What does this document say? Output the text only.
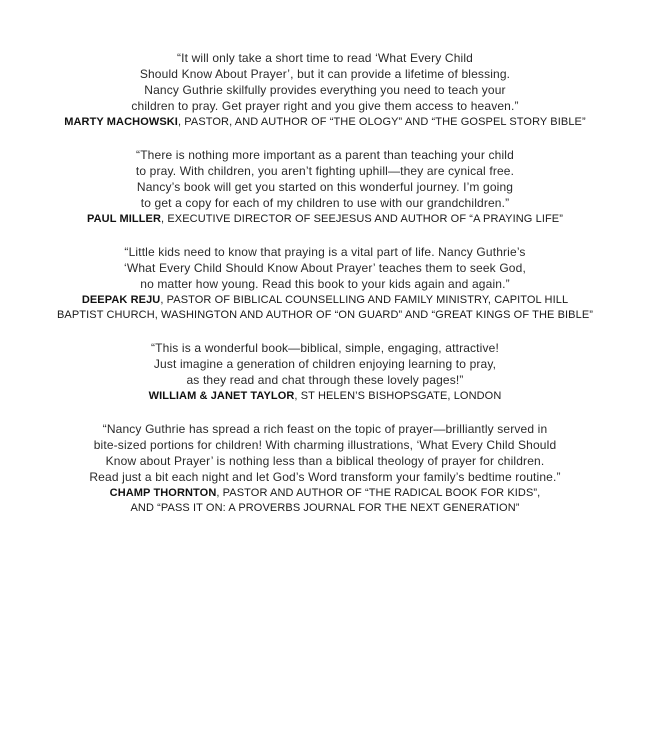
“It will only take a short time to read ‘What Every Child
Should Know About Prayer’, but it can provide a lifetime of blessing.
Nancy Guthrie skilfully provides everything you need to teach your
children to pray. Get prayer right and you give them access to heaven.”
MARTY MACHOWSKI, PASTOR, AND AUTHOR OF “THE OLOGY” AND “THE GOSPEL STORY BIBLE”
“There is nothing more important as a parent than teaching your child
to pray. With children, you aren’t fighting uphill—they are cynical free.
Nancy’s book will get you started on this wonderful journey. I’m going
to get a copy for each of my children to use with our grandchildren.”
PAUL MILLER, EXECUTIVE DIRECTOR OF SEEJESUS AND AUTHOR OF “A PRAYING LIFE”
“Little kids need to know that praying is a vital part of life. Nancy Guthrie’s
‘What Every Child Should Know About Prayer’ teaches them to seek God,
no matter how young. Read this book to your kids again and again.”
DEEPAK REJU, PASTOR OF BIBLICAL COUNSELLING AND FAMILY MINISTRY, CAPITOL HILL
BAPTIST CHURCH, WASHINGTON AND AUTHOR OF “ON GUARD” AND “GREAT KINGS OF THE BIBLE”
“This is a wonderful book—biblical, simple, engaging, attractive!
Just imagine a generation of children enjoying learning to pray,
as they read and chat through these lovely pages!”
WILLIAM & JANET TAYLOR, ST HELEN’S BISHOPSGATE, LONDON
“Nancy Guthrie has spread a rich feast on the topic of prayer—brilliantly served in
bite-sized portions for children! With charming illustrations, ‘What Every Child Should
Know about Prayer’ is nothing less than a biblical theology of prayer for children.
Read just a bit each night and let God’s Word transform your family’s bedtime routine.”
CHAMP THORNTON, PASTOR AND AUTHOR OF “THE RADICAL BOOK FOR KIDS”,
AND “PASS IT ON: A PROVERBS JOURNAL FOR THE NEXT GENERATION”
